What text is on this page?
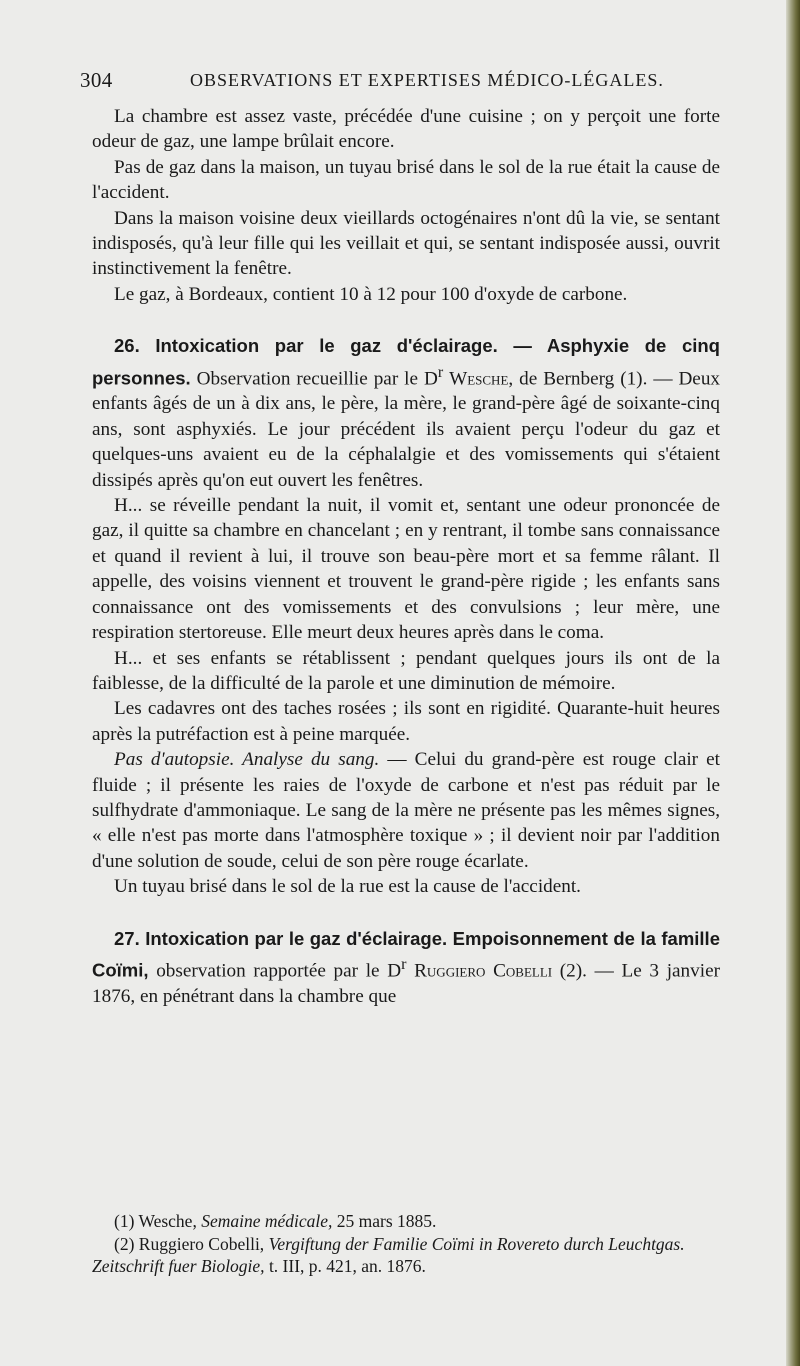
304	OBSERVATIONS ET EXPERTISES MÉDICO-LÉGALES.

La chambre est assez vaste, précédée d'une cuisine ; on y perçoit une forte odeur de gaz, une lampe brûlait encore.

Pas de gaz dans la maison, un tuyau brisé dans le sol de la rue était la cause de l'accident.

Dans la maison voisine deux vieillards octogénaires n'ont dû la vie, se sentant indisposés, qu'à leur fille qui les veillait et qui, se sentant indisposée aussi, ouvrit instinctivement la fenêtre.

Le gaz, à Bordeaux, contient 10 à 12 pour 100 d'oxyde de carbone.

26. Intoxication par le gaz d'éclairage. — Asphyxie de cinq personnes. Observation recueillie par le $D^r$ Wesche, de Bernberg (1). — Deux enfants âgés de un à dix ans, le père, la mère, le grand-père âgé de soixante-cinq ans, sont asphyxiés. Le jour précédent ils avaient perçu l'odeur du gaz et quelques-uns avaient eu de la céphalalgie et des vomissements qui s'étaient dissipés après qu'on eut ouvert les fenêtres.

H... se réveille pendant la nuit, il vomit et, sentant une odeur prononcée de gaz, il quitte sa chambre en chancelant ; en y rentrant, il tombe sans connaissance et quand il revient à lui, il trouve son beau-père mort et sa femme râlant. Il appelle, des voisins viennent et trouvent le grand-père rigide ; les enfants sans connaissance ont des vomissements et des convulsions ; leur mère, une respiration stertoreuse. Elle meurt deux heures après dans le coma.

H... et ses enfants se rétablissent ; pendant quelques jours ils ont de la faiblesse, de la difficulté de la parole et une diminution de mémoire.

Les cadavres ont des taches rosées ; ils sont en rigidité. Quarante-huit heures après la putréfaction est à peine marquée.

Pas d'autopsie. Analyse du sang. — Celui du grand-père est rouge clair et fluide ; il présente les raies de l'oxyde de carbone et n'est pas réduit par le sulfhydrate d'ammoniaque. Le sang de la mère ne présente pas les mêmes signes, « elle n'est pas morte dans l'atmosphère toxique » ; il devient noir par l'addition d'une solution de soude, celui de son père rouge écarlate.

Un tuyau brisé dans le sol de la rue est la cause de l'accident.

27. Intoxication par le gaz d'éclairage. Empoisonnement de la famille Coïmi, observation rapportée par le $D^r$ Ruggiero Cobelli (2). — Le 3 janvier 1876, en pénétrant dans la chambre que

(1) Wesche, Semaine médicale, 25 mars 1885.

(2) Ruggiero Cobelli, Vergiftung der Familie Coïmi in Rovereto durch Leuchtgas. Zeitschrift fuer Biologie, t. III, p. 421, an. 1876.
